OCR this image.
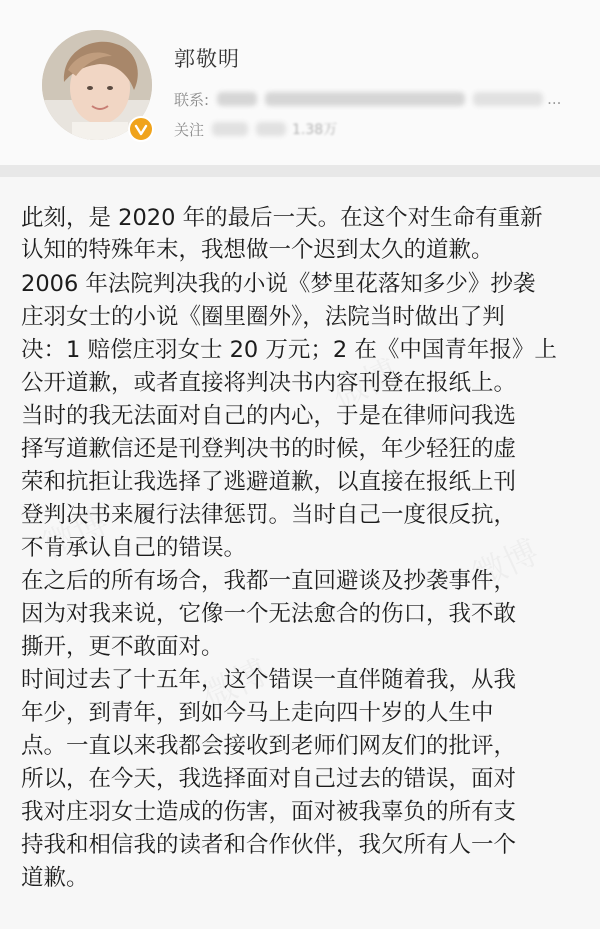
郭敬明
联系:	...
关注	1.38万
此刻，是 2020 年的最后一天。在这个对生命有重新
认知的特殊年末，我想做一个迟到太久的道歉。
2006 年法院判决我的小说《梦里花落知多少》抄袭
庄羽女士的小说《圈里圈外》，法院当时做出了判
决：1 赔偿庄羽女士 20 万元；2 在《中国青年报》上
公开道歉，或者直接将判决书内容刊登在报纸上。
当时的我无法面对自己的内心，于是在律师问我选
择写道歉信还是刊登判决书的时候，年少轻狂的虚
荣和抗拒让我选择了逃避道歉，以直接在报纸上刊
登判决书来履行法律惩罚。当时自己一度很反抗，
不肯承认自己的错误。
在之后的所有场合，我都一直回避谈及抄袭事件，
因为对我来说，它像一个无法愈合的伤口，我不敢
撕开，更不敢面对。
时间过去了十五年，这个错误一直伴随着我，从我
年少，到青年，到如今马上走向四十岁的人生中
点。一直以来我都会接收到老师们网友们的批评，
所以，在今天，我选择面对自己过去的错误，面对
我对庄羽女士造成的伤害，面对被我辜负的所有支
持我和相信我的读者和合作伙伴，我欠所有人一个
道歉。
